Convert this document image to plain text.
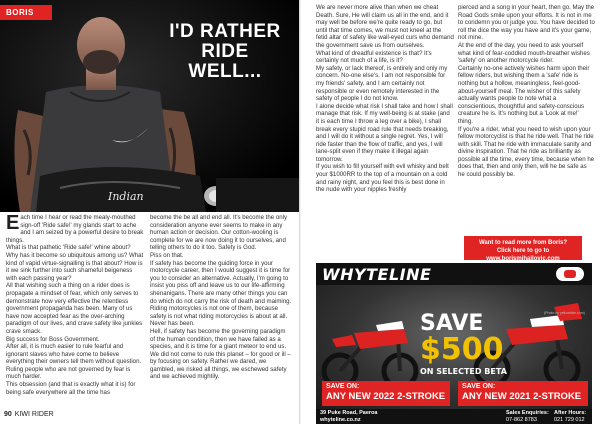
Indian
BORIS
I'D RATHER RIDE
WELL...

Each time I hear or read the mealy-mouthed sign-off 'Ride safe!' my glands start to ache and I am seized by a powerful desire to break things.

What is that pathetic 'Ride safe!' whine about? Why has it become so ubiquitous among us? What kind of vapid virtue-signalling is that about? How is it we sink further into such shameful beigeness with each passing year?

All that wishing such a thing on a rider does is propagate a mindset of fear, which only serves to demonstrate how very effective the relentless government propaganda has been. Many of us have now accepted fear as the over-arching paradigm of our lives, and crave safety like junkies crave smack.

Big success for Boss Government.

After all, it is much easier to rule fearful and ignorant slaves who have come to believe everything their owners tell them without question. Ruling people who are not governed by fear is much harder.

This obsession (and that is exactly what it is) for being safe everywhere all the time has

become the be all and end all. It's become the only consideration anyone ever seems to make in any human action or decision. Our cotton-wooling is complete for we are now doing it to ourselves, and telling others to do it too. Safety is God.

Piss on that.

If safety has become the guiding force in your motorcycle career, then I would suggest it is time for you to consider an alternative. Actually, I'm going to insist you piss off and leave us to our life-affirming shenanigans. There are many other things you can do which do not carry the risk of death and maiming. Riding motorcycles is not one of them, because safety is not what riding motorcycles is about at all. Never has been.

Hell, if safety has become the governing paradigm of the human condition, then we have failed as a species, and it is time for a giant meteor to end us. We did not come to rule this planet – for good or ill – by focusing on safety. Rather we dared, we gambled, we risked all things, we eschewed safety and we achieved mightily.

90 KIWI RIDER

We are never more alive than when we cheat Death. Sure, He will claim us all in the end, and it may well be before we're quite ready to go, but until that time comes, we must not kneel at the fetid altar of safety like wall-eyed curs who demand the government save us from ourselves.

What kind of dreadful existence is that? It's certainly not much of a life, is it?

My safety, or lack thereof, is entirely and only my concern. No-one else's. I am not responsible for my friends' safety, and I am certainly not responsible or even remotely interested in the safety of people I do not know.

I alone decide what risk I shall take and how I shall manage that risk. If my well-being is at stake (and it is each time I throw a leg over a bike), I shall break every stupid road rule that needs breaking, and I will do it without a single regret. Yes, I will ride faster than the flow of traffic, and yes, I will lane-split even if they make it illegal again tomorrow.

If you wish to fill yourself with evil whisky and belt your $1000RR to the top of a mountain on a cold and rainy night, and you feel this is best done in the nude with your nipples freshly

pierced and a song in your heart, then go. May the Road Gods smile upon your efforts. It is not in me to condemn you or judge you. You have decided to roll the dice the way you have and it's your game, not mine.

At the end of the day, you need to ask yourself what kind of fear-coddled mouth-breather wishes 'safety' on another motorcycle rider.

Certainly no-one actively wishes harm upon their fellow riders, but wishing them a 'safe' ride is nothing but a hollow, meaningless, feel-good-about-yourself meal. The wisher of this safety actually wants people to note what a conscientious, thoughtful and safety-conscious creature he is. It's nothing but a 'Look at me!' thing.

If you're a rider, what you need to wish upon your fellow motorcyclist is that he ride well. That he ride with skill. That he ride with immaculate sanity and divine inspiration. That he ride as brilliantly as possible all the time, every time, because when he does that, then and only then, will he be safe as he could possibly be.

Want to read more from Boris?
Click here to go to www.borismihailovic.com
WHYTELINE
SAVE
$500
ON SELECTED BETA
(Photo by yellowbike.com)
SAVE ON:
ANY NEW 2022 2-STROKE
SAVE ON:
ANY NEW 2021 2-STROKE
39 Puke Road, Paeroa
whyteline.co.nz
Sales Enquiries:
07-862 8783
After Hours:
021 729 012
